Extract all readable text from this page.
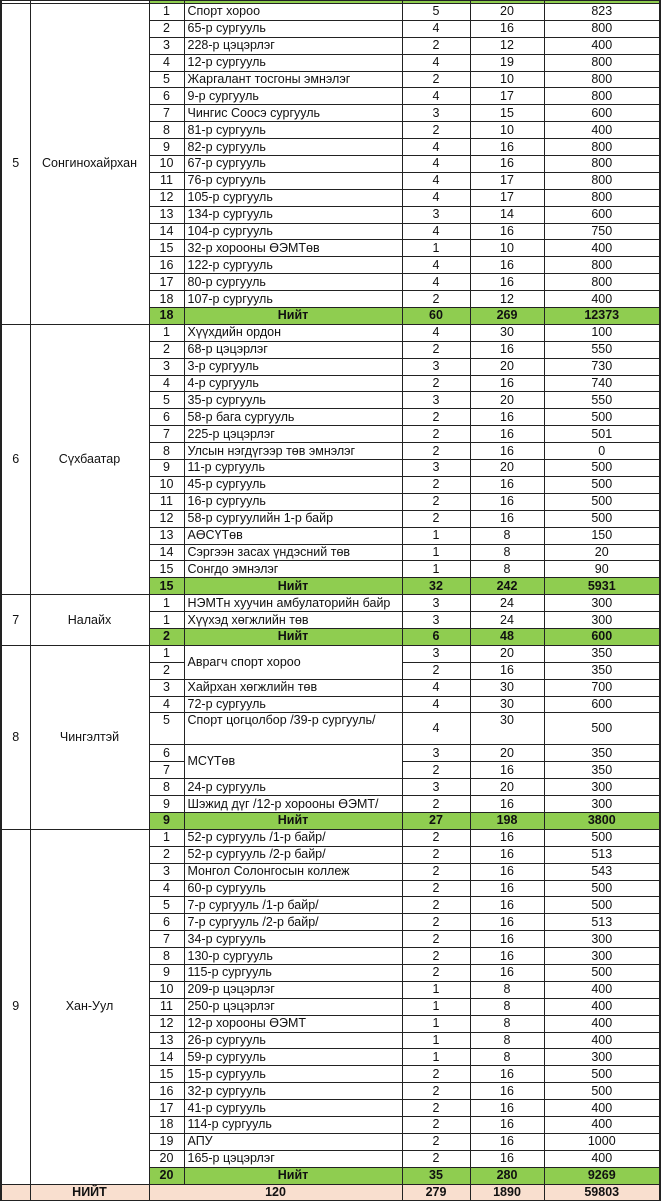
5	Сонгинохайрхан	1	Спорт хороо	5	20	823
		2	65-р сургууль	4	16	800
		3	228-р цэцэрлэг	2	12	400
		4	12-р сургууль	4	19	800
		5	Жаргалант тосгоны эмнэлэг	2	10	800
		6	9-р сургууль	4	17	800
		7	Чингис Соосэ сургууль	3	15	600
		8	81-р сургууль	2	10	400
		9	82-р сургууль	4	16	800
		10	67-р сургууль	4	16	800
		11	76-р сургууль	4	17	800
		12	105-р сургууль	4	17	800
		13	134-р сургууль	3	14	600
		14	104-р сургууль	4	16	750
		15	32-р хорооны ӨЭМТөв	1	10	400
		16	122-р сургууль	4	16	800
		17	80-р сургууль	4	16	800
		18	107-р сургууль	2	12	400
		18	Нийт	60	269	12373
6	Сүхбаатар	1	Хүүхдийн ордон	4	30	100
		2	68-р цэцэрлэг	2	16	550
		3	3-р сургууль	3	20	730
		4	4-р сургууль	2	16	740
		5	35-р сургууль	3	20	550
		6	58-р бага сургууль	2	16	500
		7	225-р цэцэрлэг	2	16	501
		8	Улсын нэгдүгээр төв эмнэлэг	2	16	0
		9	11-р сургууль	3	20	500
		10	45-р сургууль	2	16	500
		11	16-р сургууль	2	16	500
		12	58-р сургуулийн 1-р байр	2	16	500
		13	АӨСҮТөв	1	8	150
		14	Сэргээн засах үндэсний төв	1	8	20
		15	Сонгдо эмнэлэг	1	8	90
		15	Нийт	32	242	5931
7	Налайх	1	НЭМТн хуучин амбулаторийн байр	3	24	300
		1	Хүүхэд хөгжлийн төв	3	24	300
		2	Нийт	6	48	600
8	Чингэлтэй	1	Аврагч спорт хороо	3	20	350
		2		2	16	350
		3	Хайрхан хөгжлийн төв	4	30	700
		4	72-р сургууль	4	30	600
		5	Спорт цогцолбор /39-р сургууль/	4	30	500
		6	МСҮТөв	3	20	350
		7		2	16	350
		8	24-р сургууль	3	20	300
		9	Шэжид дүг /12-р хорооны ӨЭМТ/	2	16	300
		9	Нийт	27	198	3800
9	Хан-Уул	1	52-р сургууль /1-р байр/	2	16	500
		2	52-р сургууль /2-р байр/	2	16	513
		3	Монгол Солонгосын коллеж	2	16	543
		4	60-р сургууль	2	16	500
		5	7-р сургууль /1-р байр/	2	16	500
		6	7-р сургууль /2-р байр/	2	16	513
		7	34-р сургууль	2	16	300
		8	130-р сургууль	2	16	300
		9	115-р сургууль	2	16	500
		10	209-р цэцэрлэг	1	8	400
		11	250-р цэцэрлэг	1	8	400
		12	12-р хорооны ӨЭМТ	1	8	400
		13	26-р сургууль	1	8	400
		14	59-р сургууль	1	8	300
		15	15-р сургууль	2	16	500
		16	32-р сургууль	2	16	500
		17	41-р сургууль	2	16	400
		18	114-р сургууль	2	16	400
		19	АПУ	2	16	1000
		20	165-р цэцэрлэг	2	16	400
		20	Нийт	35	280	9269
	НИЙТ	120		279	1890	59803
